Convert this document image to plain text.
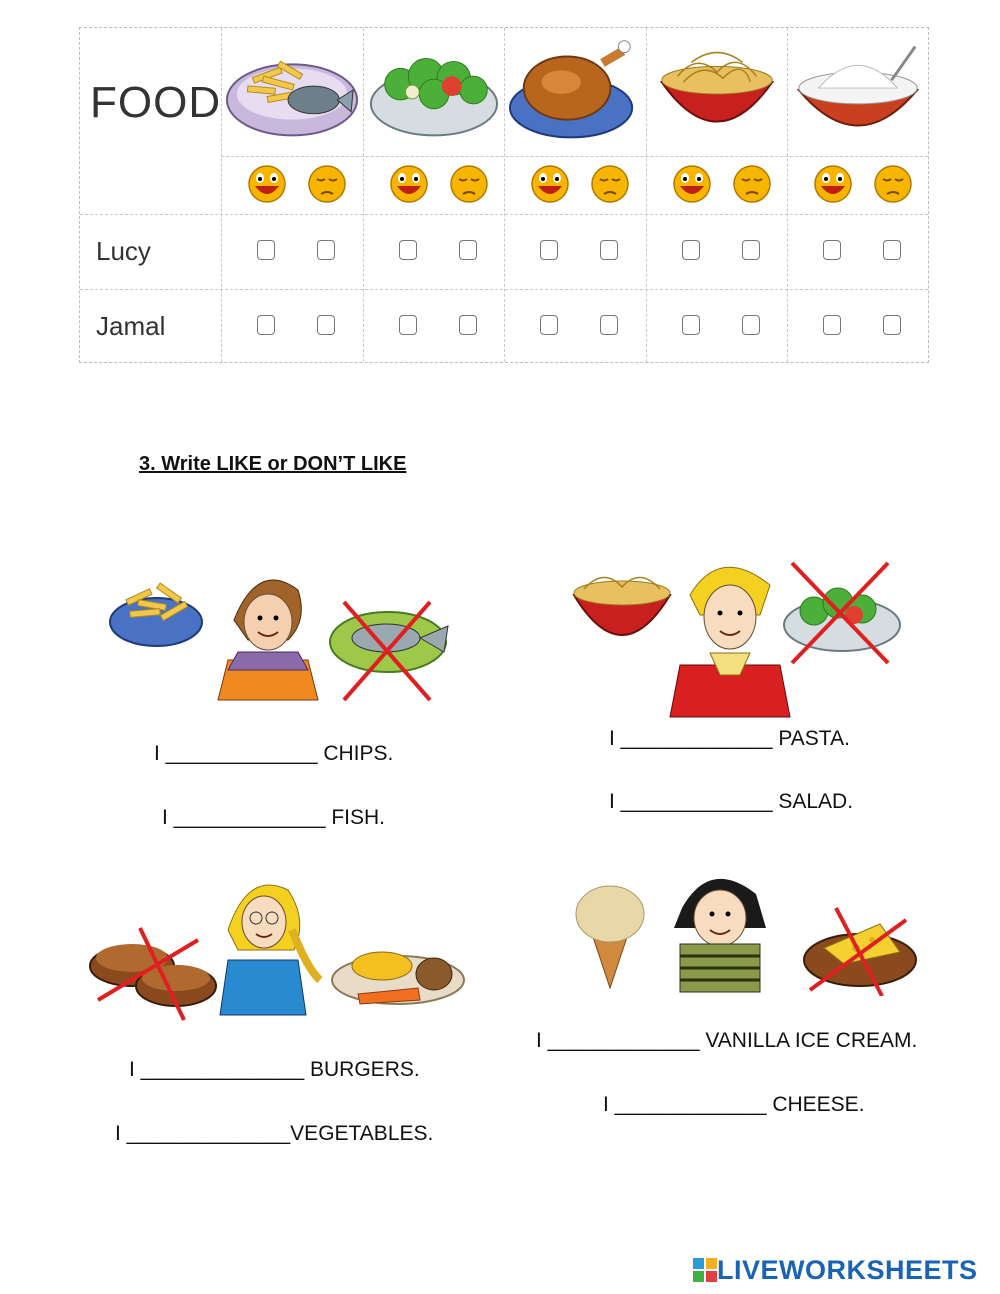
FOOD
Lucy
Jamal
3. Write LIKE or DON’T LIKE
I _____________ CHIPS.
I _____________ FISH.
I _____________ PASTA.
I _____________ SALAD.
I ______________ BURGERS.
I ______________VEGETABLES.
I _____________ VANILLA ICE CREAM.
I _____________ CHEESE.
LIVEWORKSHEETS
